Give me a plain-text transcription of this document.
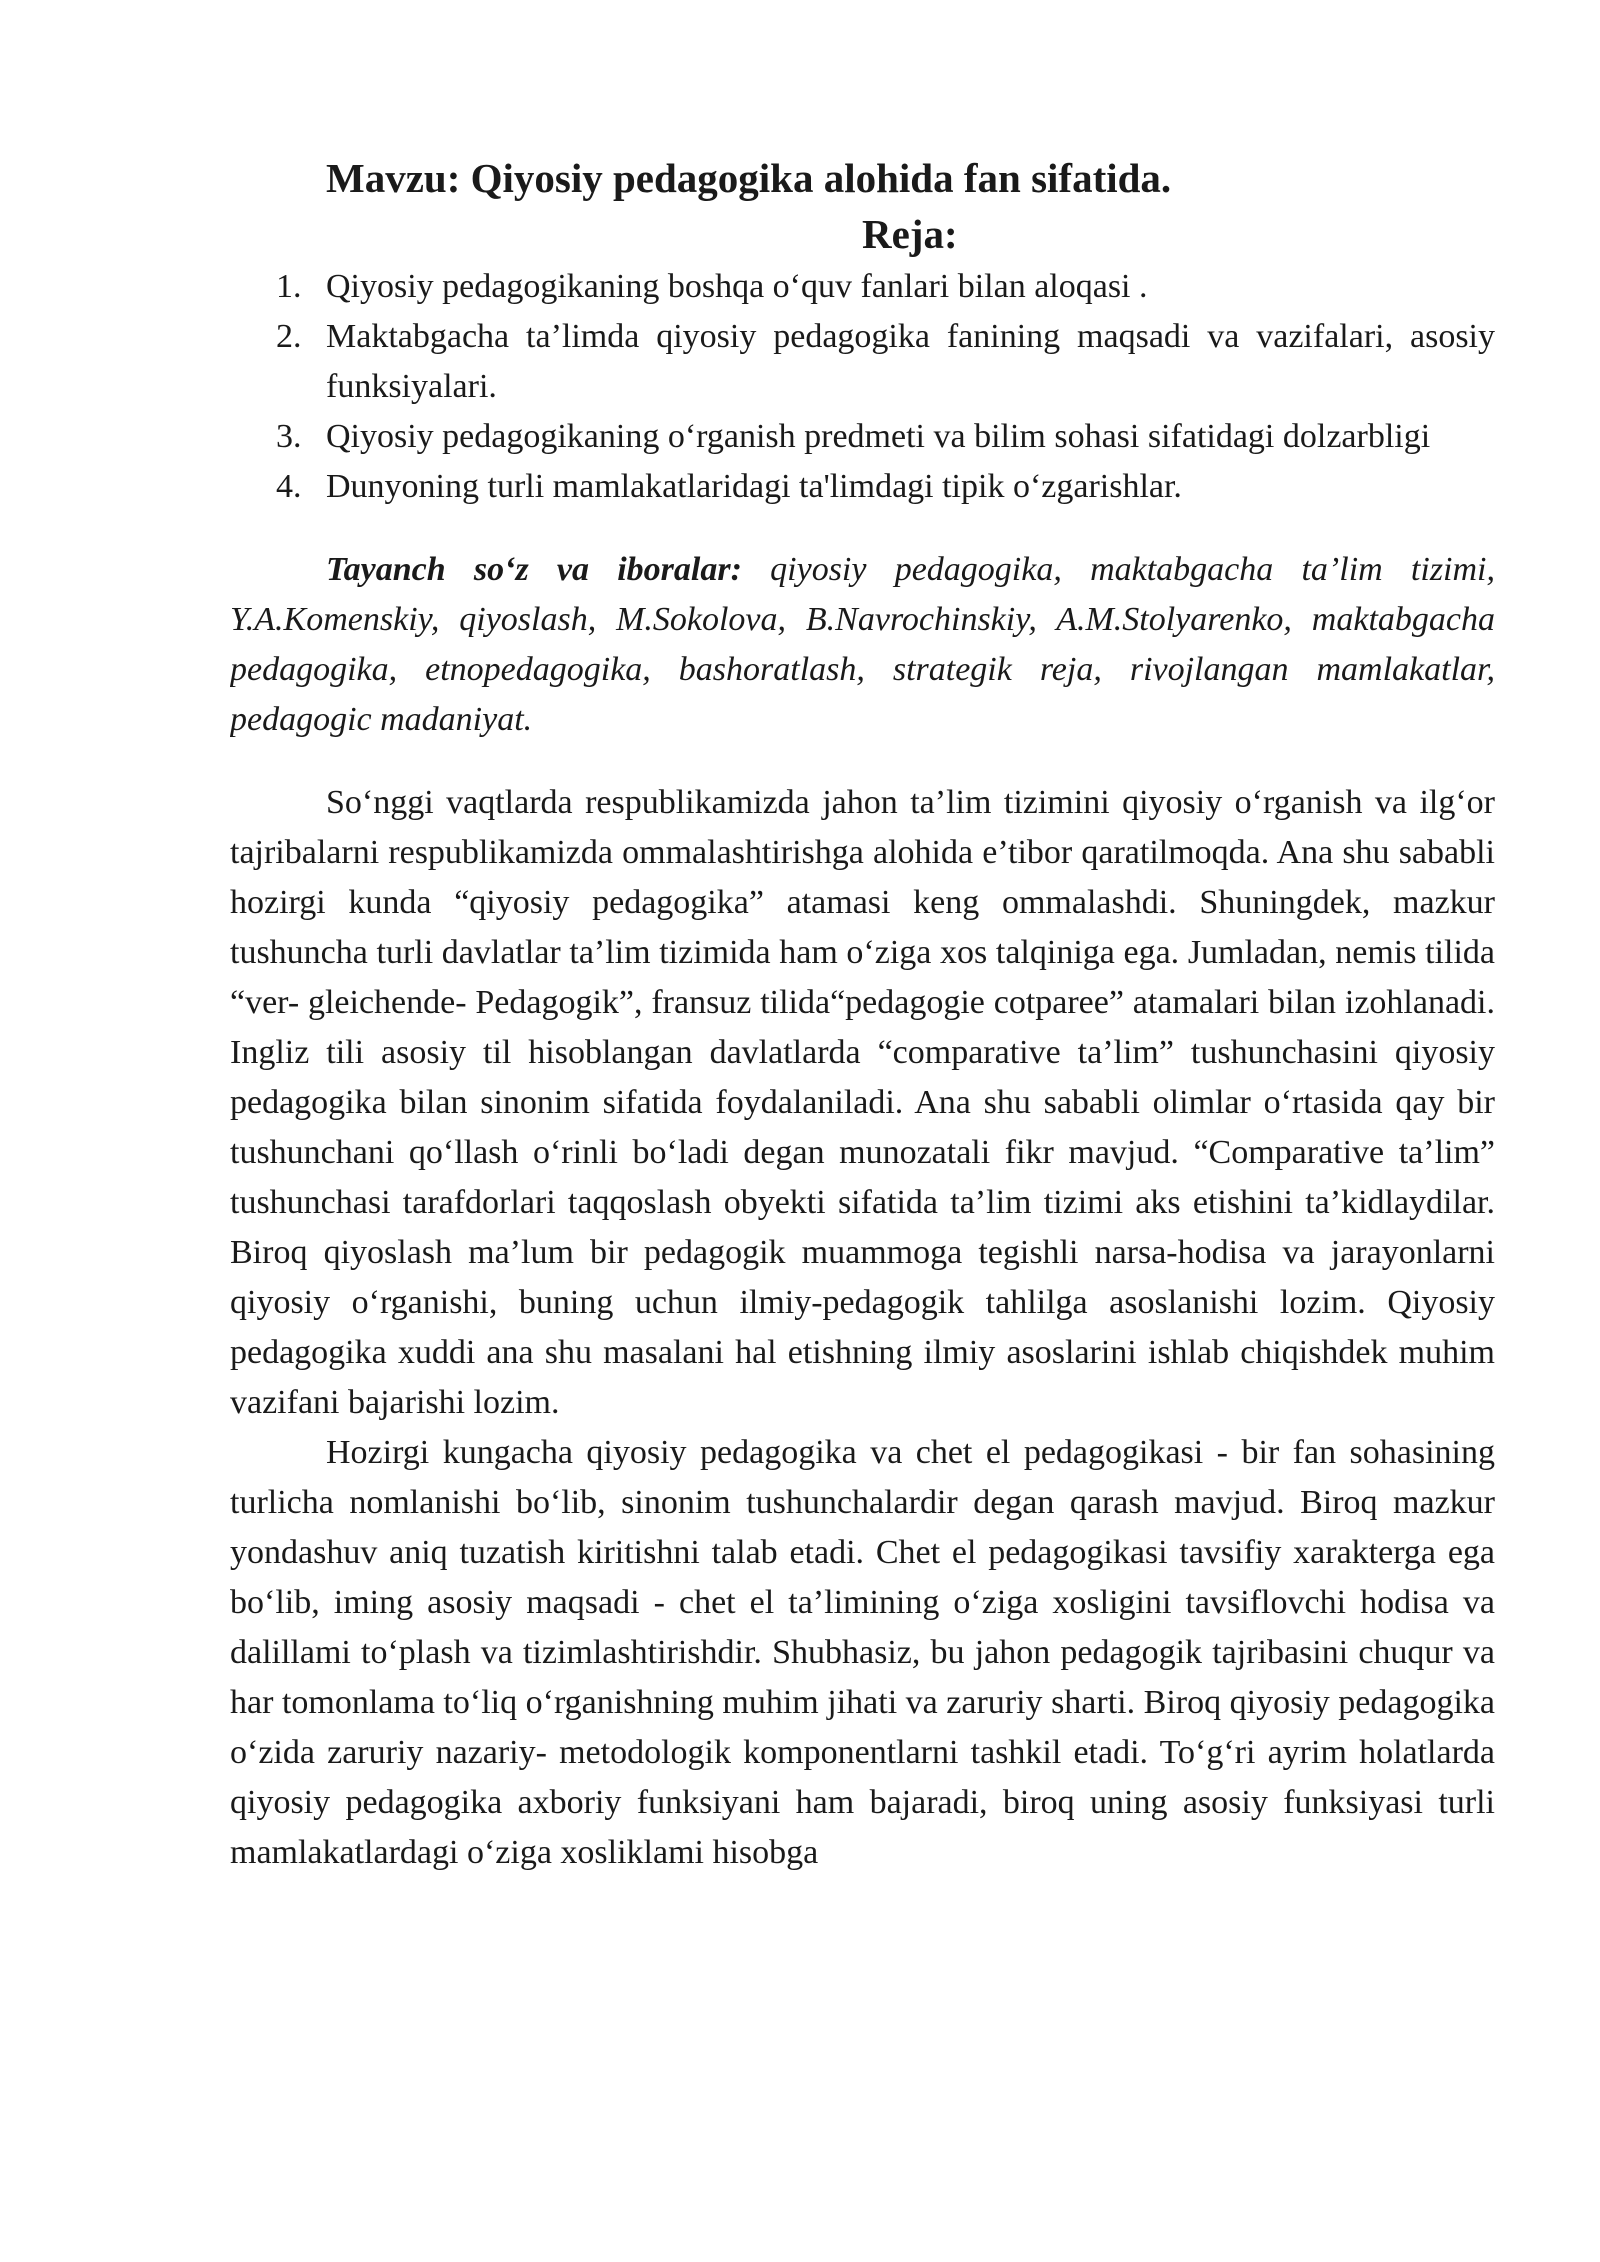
Mavzu: Qiyosiy pedagogika alohida fan sifatida.
Reja:
1. Qiyosiy pedagogikaning boshqa o‘quv fanlari bilan aloqasi .
2. Maktabgacha ta’limda qiyosiy pedagogika fanining maqsadi va vazifalari, asosiy funksiyalari.
3. Qiyosiy pedagogikaning o‘rganish predmeti va bilim sohasi sifatidagi dolzarbligi
4. Dunyoning turli mamlakatlaridagi ta'limdagi tipik o‘zgarishlar.

Tayanch so‘z va iboralar: qiyosiy pedagogika, maktabgacha ta’lim tizimi, Y.A.Komenskiy, qiyoslash, M.Sokolova, B.Navrochinskiy, A.M.Stolyarenko, maktabgacha pedagogika, etnopedagogika, bashoratlash, strategik reja, rivojlangan mamlakatlar, pedagogic madaniyat.

So‘nggi vaqtlarda respublikamizda jahon ta’lim tizimini qiyosiy o‘rganish va ilg‘or tajribalarni respublikamizda ommalashtirishga alohida e’tibor qaratilmoqda. Ana shu sababli hozirgi kunda “qiyosiy pedagogika” atamasi keng ommalashdi. Shuningdek, mazkur tushuncha turli davlatlar ta’lim tizimida ham o‘ziga xos talqiniga ega. Jumladan, nemis tilida “ver- gleichende- Pedagogik”, fransuz tilida“pedagogie cotparee” atamalari bilan izohlanadi. Ingliz tili asosiy til hisoblangan davlatlarda “comparative ta’lim” tushunchasini qiyosiy pedagogika bilan sinonim sifatida foydalaniladi. Ana shu sababli olimlar o‘rtasida qay bir tushunchani qo‘llash o‘rinli bo‘ladi degan munozatali fikr mavjud. “Comparative ta’lim” tushunchasi tarafdorlari taqqoslash obyekti sifatida ta’lim tizimi aks etishini ta’kidlaydilar. Biroq qiyoslash ma’lum bir pedagogik muammoga tegishli narsa-hodisa va jarayonlarni qiyosiy o‘rganishi, buning uchun ilmiy-pedagogik tahlilga asoslanishi lozim. Qiyosiy pedagogika xuddi ana shu masalani hal etishning ilmiy asoslarini ishlab chiqishdek muhim vazifani bajarishi lozim.

Hozirgi kungacha qiyosiy pedagogika va chet el pedagogikasi - bir fan sohasining turlicha nomlanishi bo‘lib, sinonim tushunchalardir degan qarash mavjud. Biroq mazkur yondashuv aniq tuzatish kiritishni talab etadi. Chet el pedagogikasi tavsifiy xarakterga ega bo‘lib, iming asosiy maqsadi - chet el ta’limining o‘ziga xosligini tavsiflovchi hodisa va dalillami to‘plash va tizimlashtirishdir. Shubhasiz, bu jahon pedagogik tajribasini chuqur va har tomonlama to‘liq o‘rganishning muhim jihati va zaruriy sharti. Biroq qiyosiy pedagogika o‘zida zaruriy nazariy- metodologik komponentlarni tashkil etadi. To‘g‘ri ayrim holatlarda qiyosiy pedagogika axboriy funksiyani ham bajaradi, biroq uning asosiy funksiyasi turli mamlakatlardagi o‘ziga xosliklami hisobga
